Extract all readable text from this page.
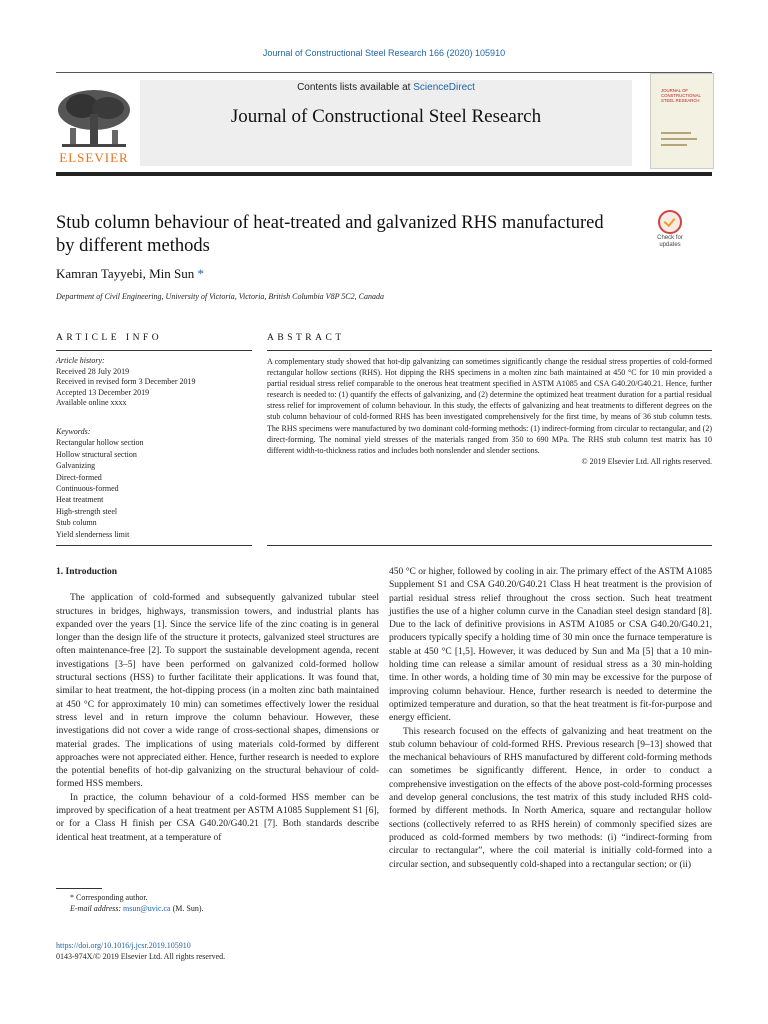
Journal of Constructional Steel Research 166 (2020) 105910
ELSEVIER
Contents lists available at ScienceDirect
Journal of Constructional Steel Research
JOURNAL OF CONSTRUCTIONAL STEEL RESEARCH
Stub column behaviour of heat-treated and galvanized RHS manufactured by different methods	Check for updates
Kamran Tayyebi, Min Sun *
Department of Civil Engineering, University of Victoria, Victoria, British Columbia V8P 5C2, Canada
ARTICLE INFO	ABSTRACT
Article history:
Received 28 July 2019
Received in revised form 3 December 2019
Accepted 13 December 2019
Available online xxxx
Keywords:
Rectangular hollow section
Hollow structural section
Galvanizing
Direct-formed
Continuous-formed
Heat treatment
High-strength steel
Stub column
Yield slenderness limit
A complementary study showed that hot-dip galvanizing can sometimes significantly change the residual stress properties of cold-formed rectangular hollow sections (RHS). Hot dipping the RHS specimens in a molten zinc bath maintained at 450 °C for 10 min provided a partial residual stress relief comparable to the onerous heat treatment specified in ASTM A1085 and CSA G40.20/G40.21. Hence, further research is needed to: (1) quantify the effects of galvanizing, and (2) determine the optimized heat treatment duration for a partial residual stress relief for improvement of column behaviour. In this study, the effects of galvanizing and heat treatments to different degrees on the stub column behaviour of cold-formed RHS has been investigated comprehensively for the first time, by means of 36 stub column tests. The RHS specimens were manufactured by two dominant cold-forming methods: (1) indirect-forming from circular to rectangular, and (2) direct-forming. The nominal yield stresses of the materials ranged from 350 to 690 MPa. The RHS stub column test matrix has 10 different width-to-thickness ratios and includes both nonslender and slender sections.
© 2019 Elsevier Ltd. All rights reserved.
1. Introduction

The application of cold-formed and subsequently galvanized tubular steel structures in bridges, highways, transmission towers, and industrial plants has expanded over the years [1]. Since the service life of the zinc coating is in general longer than the design life of the structure it protects, galvanized steel structures are often maintenance-free [2]. To support the sustainable development agenda, recent investigations [3–5] have been performed on galvanized cold-formed hollow structural sections (HSS) to further facilitate their applications. It was found that, similar to heat treatment, the hot-dipping process (in a molten zinc bath maintained at 450 °C for approximately 10 min) can sometimes effectively lower the residual stress level and in return improve the column behaviour. However, these investigations did not cover a wide range of cross-sectional shapes, dimensions or material grades. The implications of using materials cold-formed by different approaches were not appreciated either. Hence, further research is needed to explore the potential benefits of hot-dip galvanizing on the structural behaviour of cold-formed HSS members.

In practice, the column behaviour of a cold-formed HSS member can be improved by specification of a heat treatment per ASTM A1085 Supplement S1 [6], or for a Class H finish per CSA G40.20/G40.21 [7]. Both standards describe identical heat treatment, at a temperature of

450 °C or higher, followed by cooling in air. The primary effect of the ASTM A1085 Supplement S1 and CSA G40.20/G40.21 Class H heat treatment is the provision of partial residual stress relief throughout the cross section. Such heat treatment justifies the use of a higher column curve in the Canadian steel design standard [8]. Due to the lack of definitive provisions in ASTM A1085 or CSA G40.20/G40.21, producers typically specify a holding time of 30 min once the furnace temperature is stable at 450 °C [1,5]. However, it was deduced by Sun and Ma [5] that a 10 min-holding time can release a similar amount of residual stress as a 30 min-holding time. In other words, a holding time of 30 min may be excessive for the purpose of improving column behaviour. Hence, further research is needed to determine the optimized temperature and duration, so that the heat treatment is fit-for-purpose and energy efficient.

This research focused on the effects of galvanizing and heat treatment on the stub column behaviour of cold-formed RHS. Previous research [9–13] showed that the mechanical behaviours of RHS manufactured by different cold-forming methods can sometimes be significantly different. Hence, in order to conduct a comprehensive investigation on the effects of the above post-cold-forming processes and develop general conclusions, the test matrix of this study included RHS cold-formed by different methods. In North America, square and rectangular hollow sections (collectively referred to as RHS herein) of commonly specified sizes are produced as cold-formed members by two methods: (i) “indirect-forming from circular to rectangular”, where the coil material is initially cold-formed into a circular section, and subsequently cold-shaped into a rectangular section; or (ii)

* Corresponding author.
E-mail address: msun@uvic.ca (M. Sun).
https://doi.org/10.1016/j.jcsr.2019.105910
0143-974X/© 2019 Elsevier Ltd. All rights reserved.
